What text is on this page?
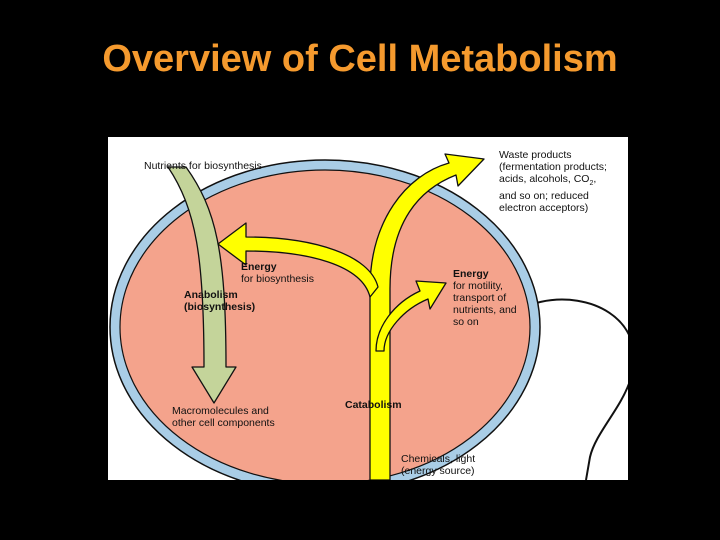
Overview of Cell Metabolism
Nutrients for biosynthesis
Waste products
(fermentation products;
acids, alcohols, $CO_2$,
and so on; reduced
electron acceptors)
Energy
for biosynthesis
Anabolism
(biosynthesis)
Energy
for motility,
transport of
nutrients, and
so on
Macromolecules and
other cell components
Catabolism
Chemicals, light
(energy source)
